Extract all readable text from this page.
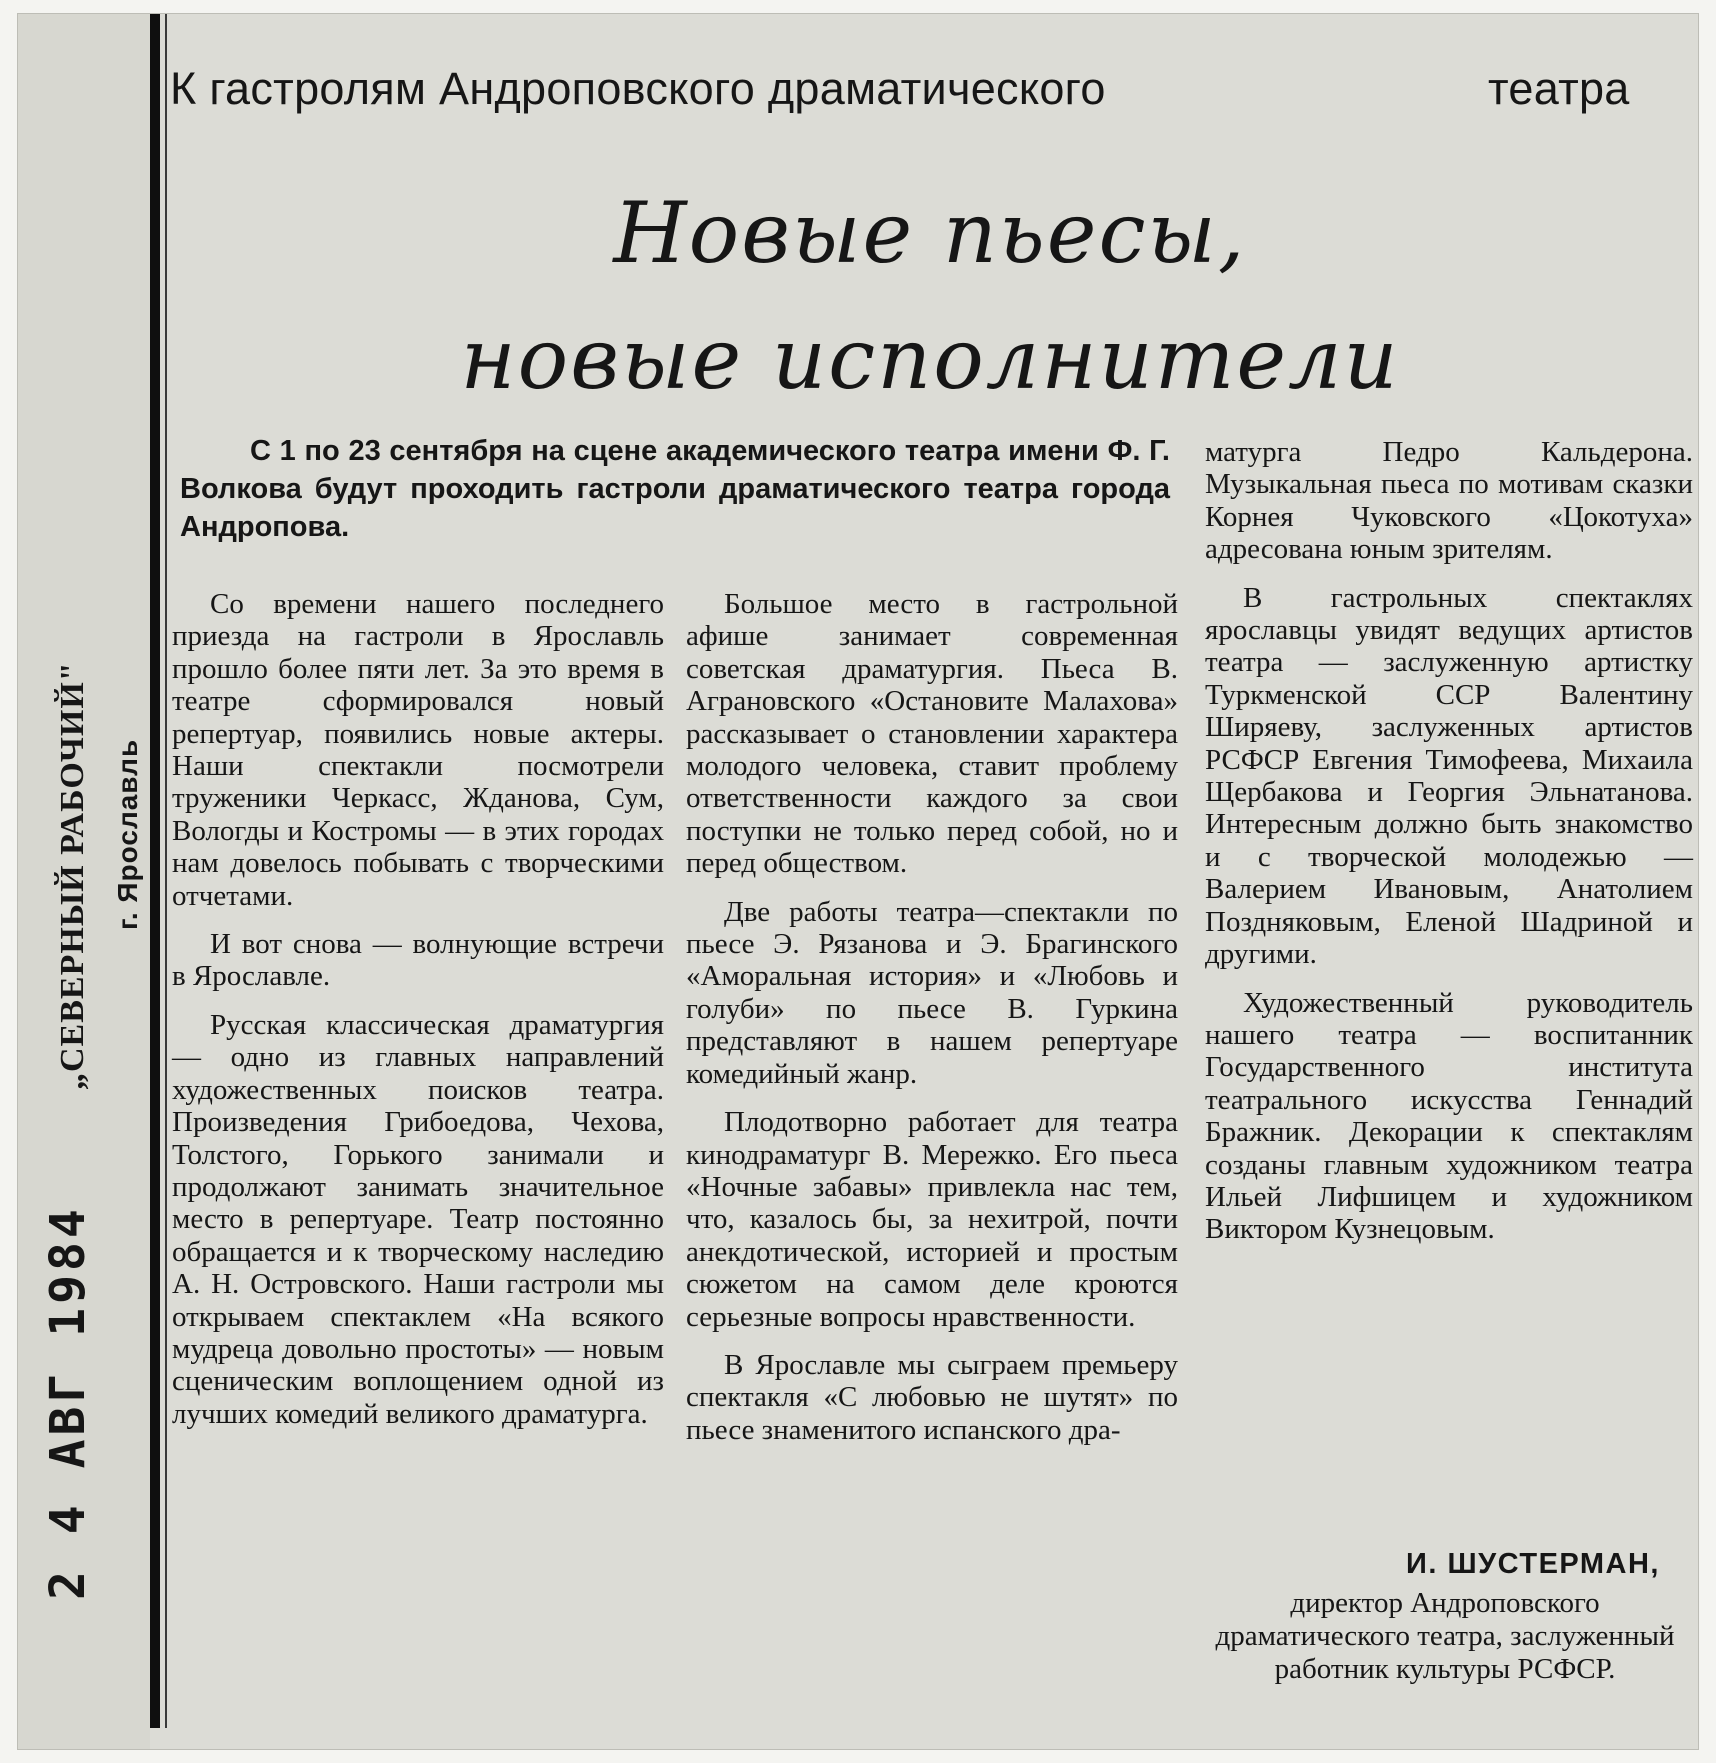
„СЕВЕРНЫЙ РАБОЧИЙ" г. Ярославль
2 4 АВГ 1984
К гастролям Андроповского драматического	театра
Новые пьесы,
новые исполнители
С 1 по 23 сентября на сцене академического театра имени Ф. Г. Волкова будут проходить гастроли драматического театра города Андропова.

Со времени нашего последнего приезда на гастроли в Ярославль прошло более пяти лет. За это время в театре сформировался новый репертуар, появились новые актеры. Наши спектакли посмотрели труженики Черкасс, Жданова, Сум, Вологды и Костромы — в этих городах нам довелось побывать с творческими отчетами.

И вот снова — волнующие встречи в Ярославле.

Русская классическая драматургия — одно из главных направлений художественных поисков театра. Произведения Грибоедова, Чехова, Толстого, Горького занимали и продолжают занимать значительное место в репертуаре. Театр постоянно обращается и к творческому наследию А. Н. Островского. Наши гастроли мы открываем спектаклем «На всякого мудреца довольно простоты» — новым сценическим воплощением одной из лучших комедий великого драматурга.

Большое место в гастрольной афише занимает современная советская драматургия. Пьеса В. Аграновского «Остановите Малахова» рассказывает о становлении характера молодого человека, ставит проблему ответственности каждого за свои поступки не только перед собой, но и перед обществом.

Две работы театра—спектакли по пьесе Э. Рязанова и Э. Брагинского «Аморальная история» и «Любовь и голуби» по пьесе В. Гуркина представляют в нашем репертуаре комедийный жанр.

Плодотворно работает для театра кинодраматург В. Мережко. Его пьеса «Ночные забавы» привлекла нас тем, что, казалось бы, за нехитрой, почти анекдотической, историей и простым сюжетом на самом деле кроются серьезные вопросы нравственности.

В Ярославле мы сыграем премьеру спектакля «С любовью не шутят» по пьесе знаменитого испанского дра-

матурга Педро Кальдерона. Музыкальная пьеса по мотивам сказки Корнея Чуковского «Цокотуха» адресована юным зрителям.

В гастрольных спектаклях ярославцы увидят ведущих артистов театра — заслуженную артистку Туркменской ССР Валентину Ширяеву, заслуженных артистов РСФСР Евгения Тимофеева, Михаила Щербакова и Георгия Эльнатанова. Интересным должно быть знакомство и с творческой молодежью — Валерием Ивановым, Анатолием Поздняковым, Еленой Шадриной и другими.

Художественный руководитель нашего театра — воспитанник Государственного института театрального искусства Геннадий Бражник. Декорации к спектаклям созданы главным художником театра Ильей Лифшицем и художником Виктором Кузнецовым.

И. ШУСТЕРМАН,

директор Андроповского драматического театра, заслуженный работник культуры РСФСР.
